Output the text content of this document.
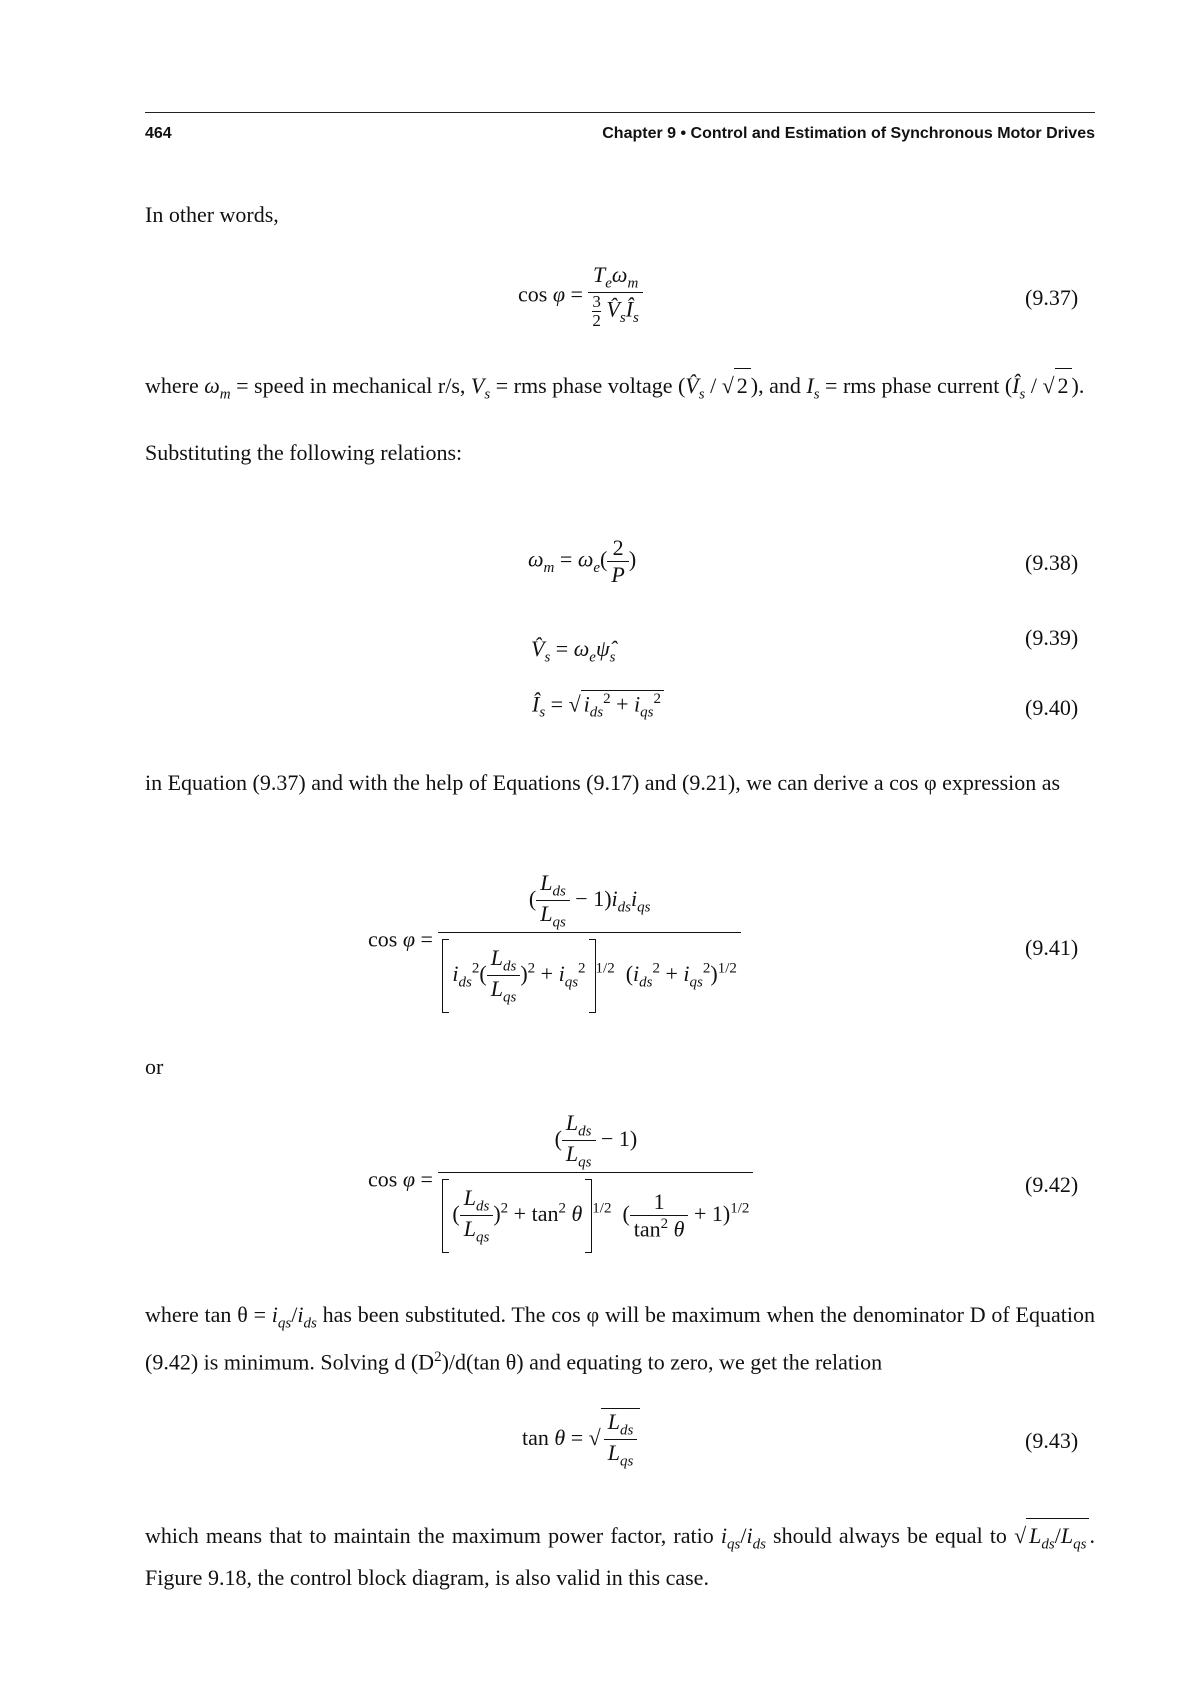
464	Chapter 9 • Control and Estimation of Synchronous Motor Drives

In other words,

$\cos \varphi = \frac{T_e\omega_m}{\frac{3}{2} V̂_sÎ_s}$	(9.37)

where $\omega_m$ = speed in mechanical r/s, $V_s$ = rms phase voltage ($V̂_s$ / √ 2 ), and $I_s$ = rms phase current ($Î_s$ / √ 2 ).

Substituting the following relations:

$\omega_m = \omega_e( \frac{2}{P}$ )	(9.38)
$V̂_s$ = $\omega_e\psî_s$
(9.39)
$Î_s$ = √ $i_{ds}^2 + i_{qs}^2$	(9.40)

in Equation (9.37) and with the help of Equations (9.17) and (9.21), we can derive a cos φ expression as

$\cos \varphi = \frac{( \frac{L_{ds}}{L_{qs}} - 1)i_{ds}i_{qs}}{i_{ds}^2( \frac{L_{ds}}{L_{qs}} )^2 + i_{qs}^2 ^{1/2} (i_{ds}^2 + i_{qs}^2)^{1/2}}$	(9.41)

or

$\cos \varphi = \frac{( \frac{L_{ds}}{L_{qs}} - 1)}{( \frac{L_{ds}}{L_{qs}} )^2 + \tan^2 \theta ^{1/2} ( \frac{1}{\tan^2 \theta} + 1)^{1/2}}$	(9.42)

where $\tan \theta = i_{qs}/i_{ds}$ has been substituted. The cos φ will be maximum when the denominator D of Equation (9.42) is minimum. Solving d $(D^2)/d(\tan$ θ) and equating to zero, we get the relation

tan θ = √ $\frac{L_{ds}}{L_{qs}}$	(9.43)

which means that to maintain the maximum power factor, ratio $i_{qs}/i_{ds}$ should always be equal to √ $L_{ds}/L_{qs}$ . Figure 9.18, the control block diagram, is also valid in this case.
